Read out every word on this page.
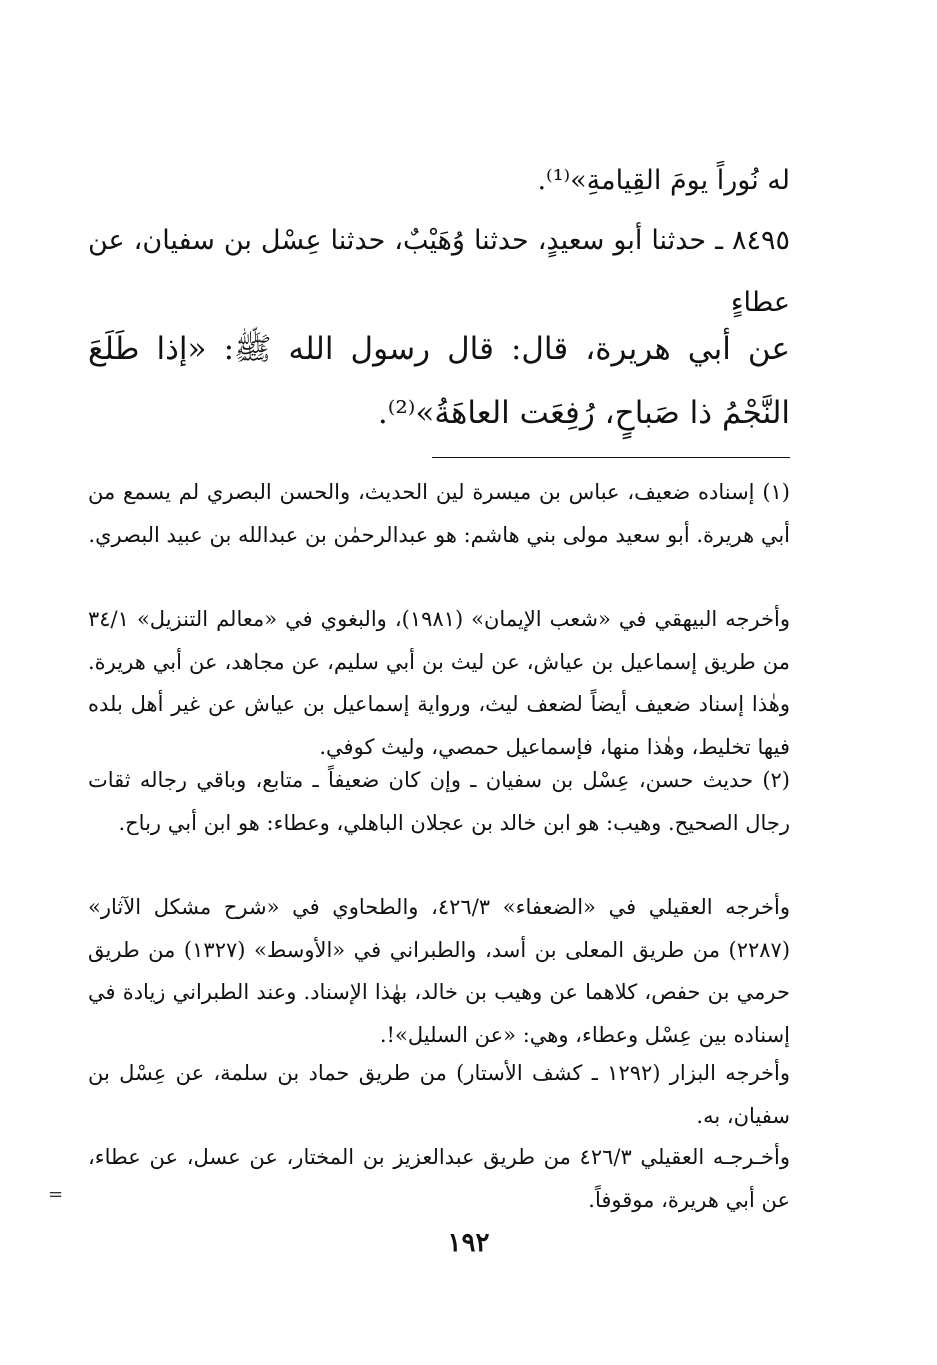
له نُوراً يومَ القِيامةِ»⁽¹⁾.
٨٤٩٥ ـ حدثنا أبو سعيدٍ، حدثنا وُهَيْبٌ، حدثنا عِسْل بن سفيان، عن عطاءٍ
عن أبي هريرة، قال: قال رسول الله ﷺ: «إذا طَلَعَ النَّجْمُ ذا صَباحٍ، رُفِعَت العاهَةُ»⁽²⁾.
(١) إسناده ضعيف، عباس بن ميسرة لين الحديث، والحسن البصري لم يسمع من أبي هريرة. أبو سعيد مولى بني هاشم: هو عبدالرحمٰن بن عبدالله بن عبيد البصري.
وأخرجه البيهقي في «شعب الإيمان» (١٩٨١)، والبغوي في «معالم التنزيل» ٣٤/١ من طريق إسماعيل بن عياش، عن ليث بن أبي سليم، عن مجاهد، عن أبي هريرة. وهٰذا إسناد ضعيف أيضاً لضعف ليث، ورواية إسماعيل بن عياش عن غير أهل بلده فيها تخليط، وهٰذا منها، فإسماعيل حمصي، وليث كوفي.
(٢) حديث حسن، عِسْل بن سفيان ـ وإن كان ضعيفاً ـ متابع، وباقي رجاله ثقات رجال الصحيح. وهيب: هو ابن خالد بن عجلان الباهلي، وعطاء: هو ابن أبي رباح.
وأخرجه العقيلي في «الضعفاء» ٤٢٦/٣، والطحاوي في «شرح مشكل الآثار» (٢٢٨٧) من طريق المعلى بن أسد، والطبراني في «الأوسط» (١٣٢٧) من طريق حرمي بن حفص، كلاهما عن وهيب بن خالد، بهٰذا الإسناد. وعند الطبراني زيادة في إسناده بين عِسْل وعطاء، وهي: «عن السليل»!.
وأخرجه البزار (١٢٩٢ ـ كشف الأستار) من طريق حماد بن سلمة، عن عِسْل بن سفيان، به.
وأخـرجـه العقيلي ٤٢٦/٣ من طريق عبدالعزيز بن المختار، عن عسل، عن عطاء، عن أبي هريرة، موقوفاً.
=
١٩٢
